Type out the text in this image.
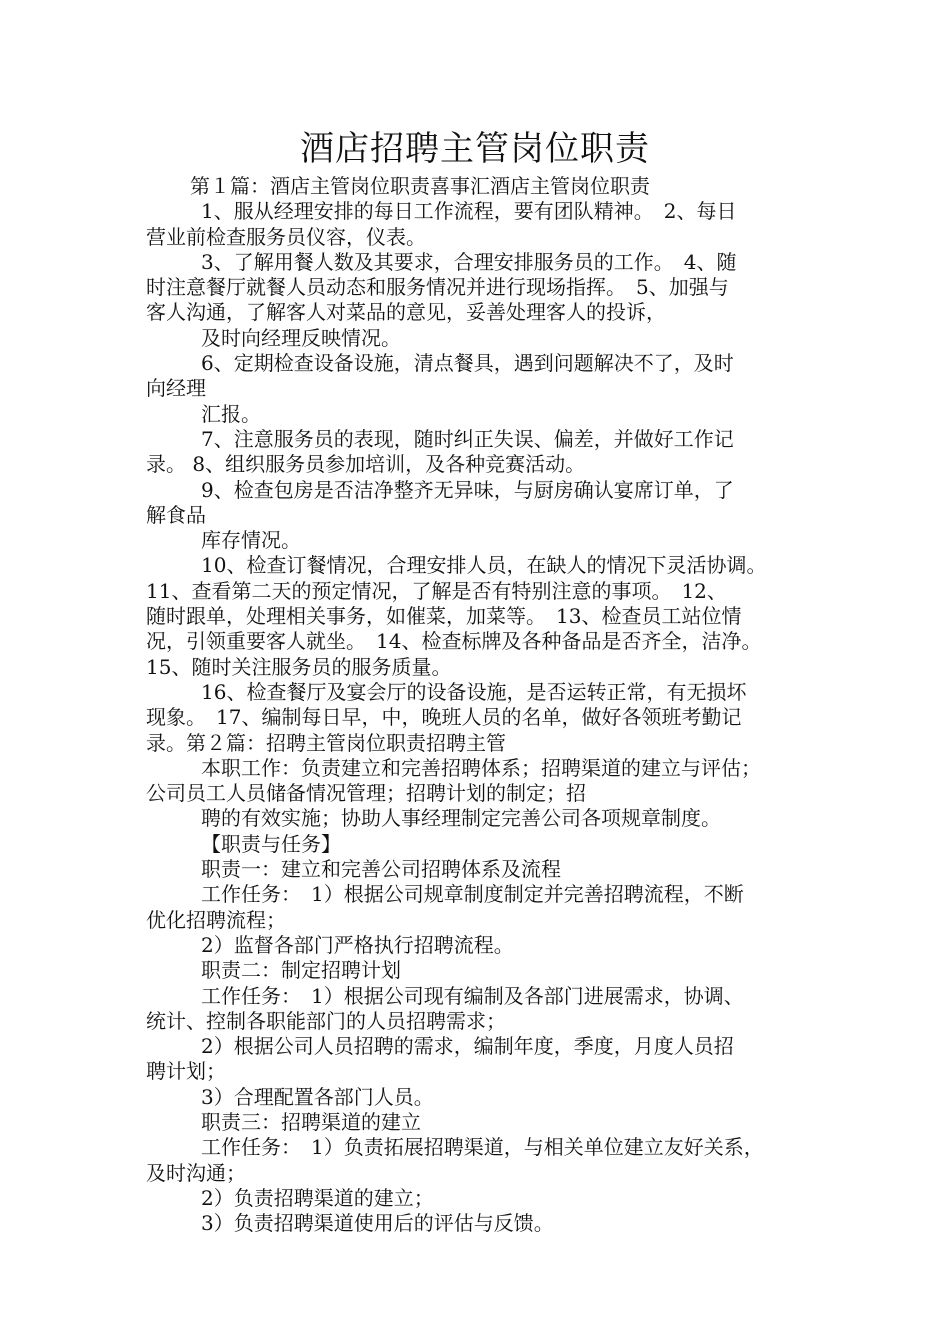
酒店招聘主管岗位职责
第１篇：酒店主管岗位职责喜事汇酒店主管岗位职责
1、服从经理安排的每日工作流程，要有团队精神。　2、每日
营业前检查服务员仪容，仪表。
3、了解用餐人数及其要求，合理安排服务员的工作。　4、随
时注意餐厅就餐人员动态和服务情况并进行现场指挥。　5、加强与
客人沟通，了解客人对菜品的意见，妥善处理客人的投诉，
及时向经理反映情况。
6、定期检查设备设施，清点餐具，遇到问题解决不了，及时
向经理
汇报。
7、注意服务员的表现，随时纠正失误、偏差，并做好工作记
录。 8、组织服务员参加培训，及各种竞赛活动。
9、检查包房是否洁净整齐无异味，与厨房确认宴席订单，了
解食品
库存情况。
10、检查订餐情况，合理安排人员，在缺人的情况下灵活协调。
11、查看第二天的预定情况，了解是否有特别注意的事项。　12、
随时跟单，处理相关事务，如催菜，加菜等。　13、检查员工站位情
况，引领重要客人就坐。　14、检查标牌及各种备品是否齐全，洁净。
15、随时关注服务员的服务质量。
16、检查餐厅及宴会厅的设备设施，是否运转正常，有无损坏
现象。　17、编制每日早，中，晚班人员的名单，做好各领班考勤记
录。第２篇：招聘主管岗位职责招聘主管
本职工作：负责建立和完善招聘体系；招聘渠道的建立与评估；
公司员工人员储备情况管理；招聘计划的制定；招
聘的有效实施；协助人事经理制定完善公司各项规章制度。
【职责与任务】
职责一：建立和完善公司招聘体系及流程
工作任务：　1）根据公司规章制度制定并完善招聘流程，不断
优化招聘流程；
2）监督各部门严格执行招聘流程。
职责二：制定招聘计划
工作任务：　1）根据公司现有编制及各部门进展需求，协调、
统计、控制各职能部门的人员招聘需求；
2）根据公司人员招聘的需求，编制年度，季度，月度人员招
聘计划；
3）合理配置各部门人员。
职责三：招聘渠道的建立
工作任务：　1）负责拓展招聘渠道，与相关单位建立友好关系，
及时沟通；
2）负责招聘渠道的建立；
3）负责招聘渠道使用后的评估与反馈。
